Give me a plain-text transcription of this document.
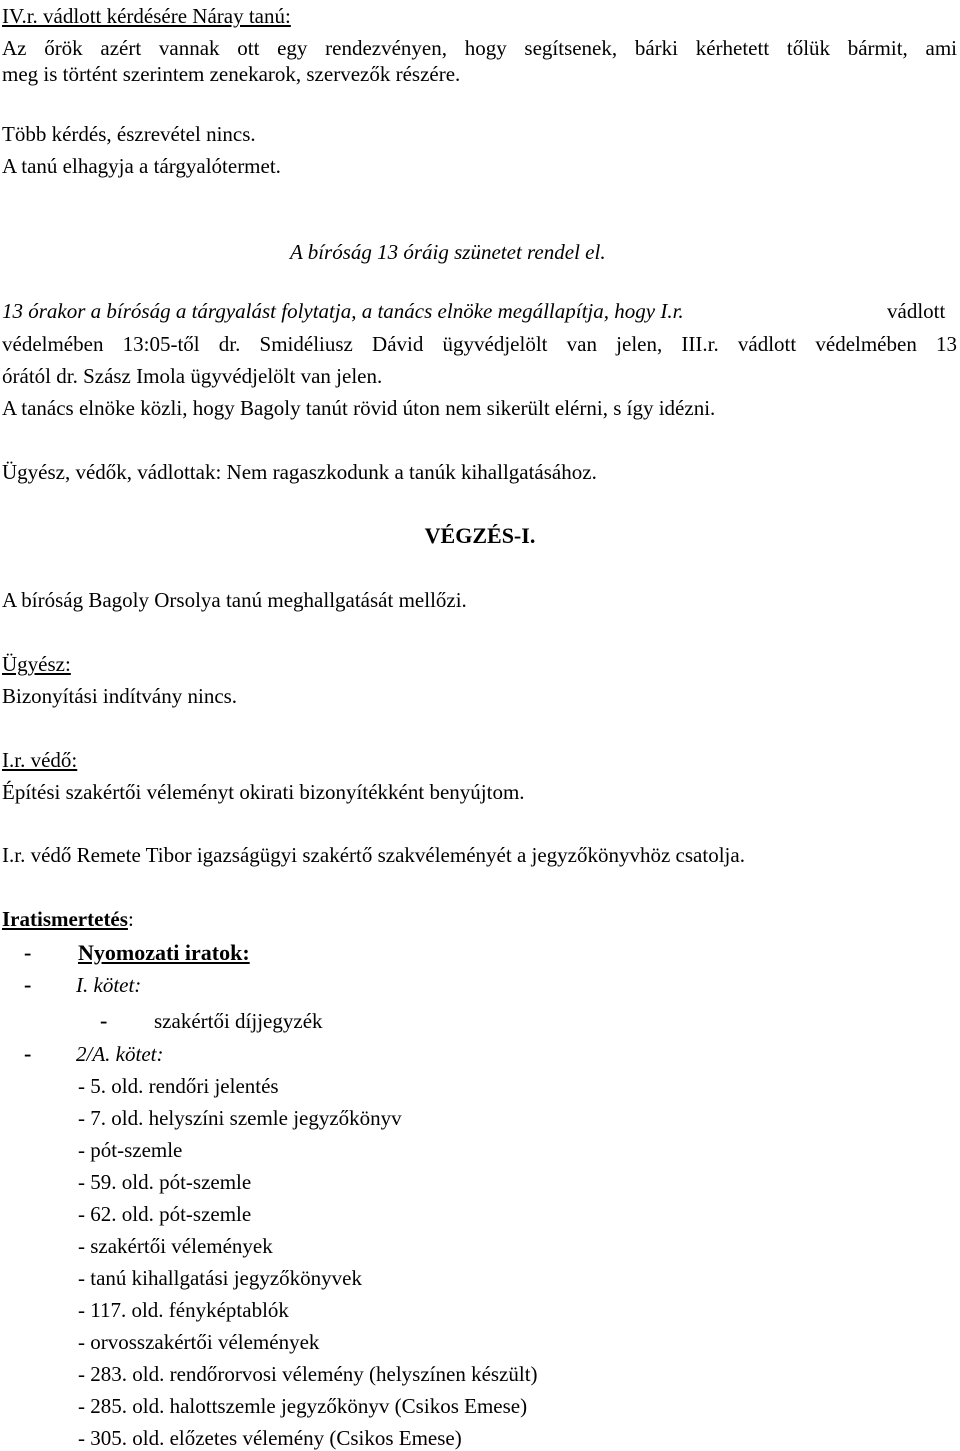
IV.r. vádlott kérdésére Náray tanú:

Az őrök azért vannak ott egy rendezvényen, hogy segítsenek, bárki kérhetett tőlük bármit, ami

meg is történt szerintem zenekarok, szervezők részére.

Több kérdés, észrevétel nincs.

A tanú elhagyja a tárgyalótermet.

A bíróság 13 óráig szünetet rendel el.

13 órakor a bíróság a tárgyalást folytatja, a tanács elnöke megállapítja, hogy I.r.	vádlott

védelmében 13:05-től dr. Smidéliusz Dávid ügyvédjelölt van jelen, III.r. vádlott védelmében 13

órától dr. Szász Imola ügyvédjelölt van jelen.

A tanács elnöke közli, hogy Bagoly tanút rövid úton nem sikerült elérni, s így idézni.

Ügyész, védők, vádlottak: Nem ragaszkodunk a tanúk kihallgatásához.

VÉGZÉS-I.

A bíróság Bagoly Orsolya tanú meghallgatását mellőzi.

Ügyész:

Bizonyítási indítvány nincs.

I.r. védő:

Építési szakértői véleményt okirati bizonyítékként benyújtom.

I.r. védő Remete Tibor igazságügyi szakértő szakvéleményét a jegyzőkönyvhöz csatolja.

Iratismertetés:

- Nyomozati iratok:

- I. kötet:

- szakértői díjjegyzék

- 2/A. kötet:

- 5. old. rendőri jelentés

- 7. old. helyszíni szemle jegyzőkönyv

- pót-szemle

- 59. old. pót-szemle

- 62. old. pót-szemle

- szakértői vélemények

- tanú kihallgatási jegyzőkönyvek

- 117. old. fényképtablók

- orvosszakértői vélemények

- 283. old. rendőrorvosi vélemény (helyszínen készült)

- 285. old. halottszemle jegyzőkönyv (Csikos Emese)

- 305. old. előzetes vélemény (Csikos Emese)
